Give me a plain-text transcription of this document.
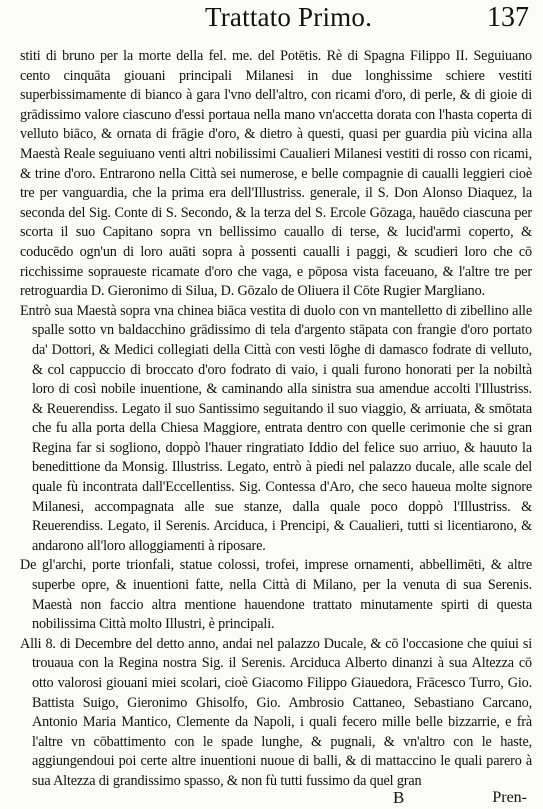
Trattato Primo.	137

stiti di bruno per la morte della fel. me. del Potētis. Rè di Spagna Filippo II. Seguiuano cento cinquāta giouani principali Milanesi in due longhissime schiere vestiti superbissimamente di bianco à gara l'vno dell'altro, con ricami d'oro, di perle, & di gioie di grādissimo valore ciascuno d'essi portaua nella mano vn'accetta dorata con l'hasta coperta di velluto biāco, & ornata di frāgie d'oro, & dietro à questi, quasi per guardia più vicina alla Maestà Reale seguiuano venti altri nobilissimi Caualieri Milanesi vestiti di rosso con ricami, & trine d'oro. Entrarono nella Città sei numerose, e belle compagnie di caualli leggieri cioè tre per vanguardia, che la prima era dell'Illustriss. generale, il S. Don Alonso Diaquez, la seconda del Sig. Conte di S. Secondo, & la terza del S. Ercole Gōzaga, hauēdo ciascuna per scorta il suo Capitano sopra vn bellissimo cauallo di terse, & lucid'armi coperto, & coducēdo ogn'un di loro auāti sopra à possenti caualli i paggi, & scudieri loro che cō ricchissime sopraueste ricamate d'oro che vaga, e pōposa vista faceuano, & l'altre tre per retroguardia D. Gieronimo di Silua, D. Gōzalo de Oliuera il Cōte Rugier Margliano.

Entrò sua Maestà sopra vna chinea biāca vestita di duolo con vn mantelletto di zibellino alle spalle sotto vn baldacchino grādissimo di tela d'argento stāpata con frangie d'oro portato da' Dottori, & Medici collegiati della Città con vesti lōghe di damasco fodrate di velluto, & col cappuccio di broccato d'oro fodrato di vaio, i quali furono honorati per la nobiltà loro di così nobile inuentione, & caminando alla sinistra sua amendue accolti l'Illustriss. & Reuerendiss. Legato il suo Santissimo seguitando il suo viaggio, & arriuata, & smōtata che fu alla porta della Chiesa Maggiore, entrata dentro con quelle cerimonie che si gran Regina far si sogliono, doppò l'hauer ringratiato Iddio del felice suo arriuo, & hauuto la benedittione da Monsig. Illustriss. Legato, entrò à piedi nel palazzo ducale, alle scale del quale fù incontrata dall'Eccellentiss. Sig. Contessa d'Aro, che seco haueua molte signore Milanesi, accompagnata alle sue stanze, dalla quale poco doppò l'Illustriss. & Reuerendiss. Legato, il Serenis. Arciduca, i Prencipi, & Caualieri, tutti si licentiarono, & andarono all'loro alloggiamenti à riposare.

De gl'archi, porte trionfali, statue colossi, trofei, imprese ornamenti, abbellimēti, & altre superbe opre, & inuentioni fatte, nella Città di Milano, per la venuta di sua Serenis. Maestà non faccio altra mentione hauendone trattato minutamente spirti di questa nobilissima Città molto Illustri, è principali.

Alli 8. di Decembre del detto anno, andai nel palazzo Ducale, & cō l'occasione che quiui si trouaua con la Regina nostra Sig. il Serenis. Arciduca Alberto dinanzi à sua Altezza cō otto valorosi giouani miei scolari, cioè Giacomo Filippo Giauedora, Frācesco Turro, Gio. Battista Suigo, Gieronimo Ghisolfo, Gio. Ambrosio Cattaneo, Sebastiano Carcano, Antonio Maria Mantico, Clemente da Napoli, i quali fecero mille belle bizzarrie, e frà l'altre vn cōbattimento con le spade lunghe, & pugnali, & vn'altro con le haste, aggiungendoui poi certe altre inuentioni nuoue di balli, & di mattaccino le quali parero à sua Altezza di grandissimo spasso, & non fù tutti fussimo da quel gran

B	Pren-
